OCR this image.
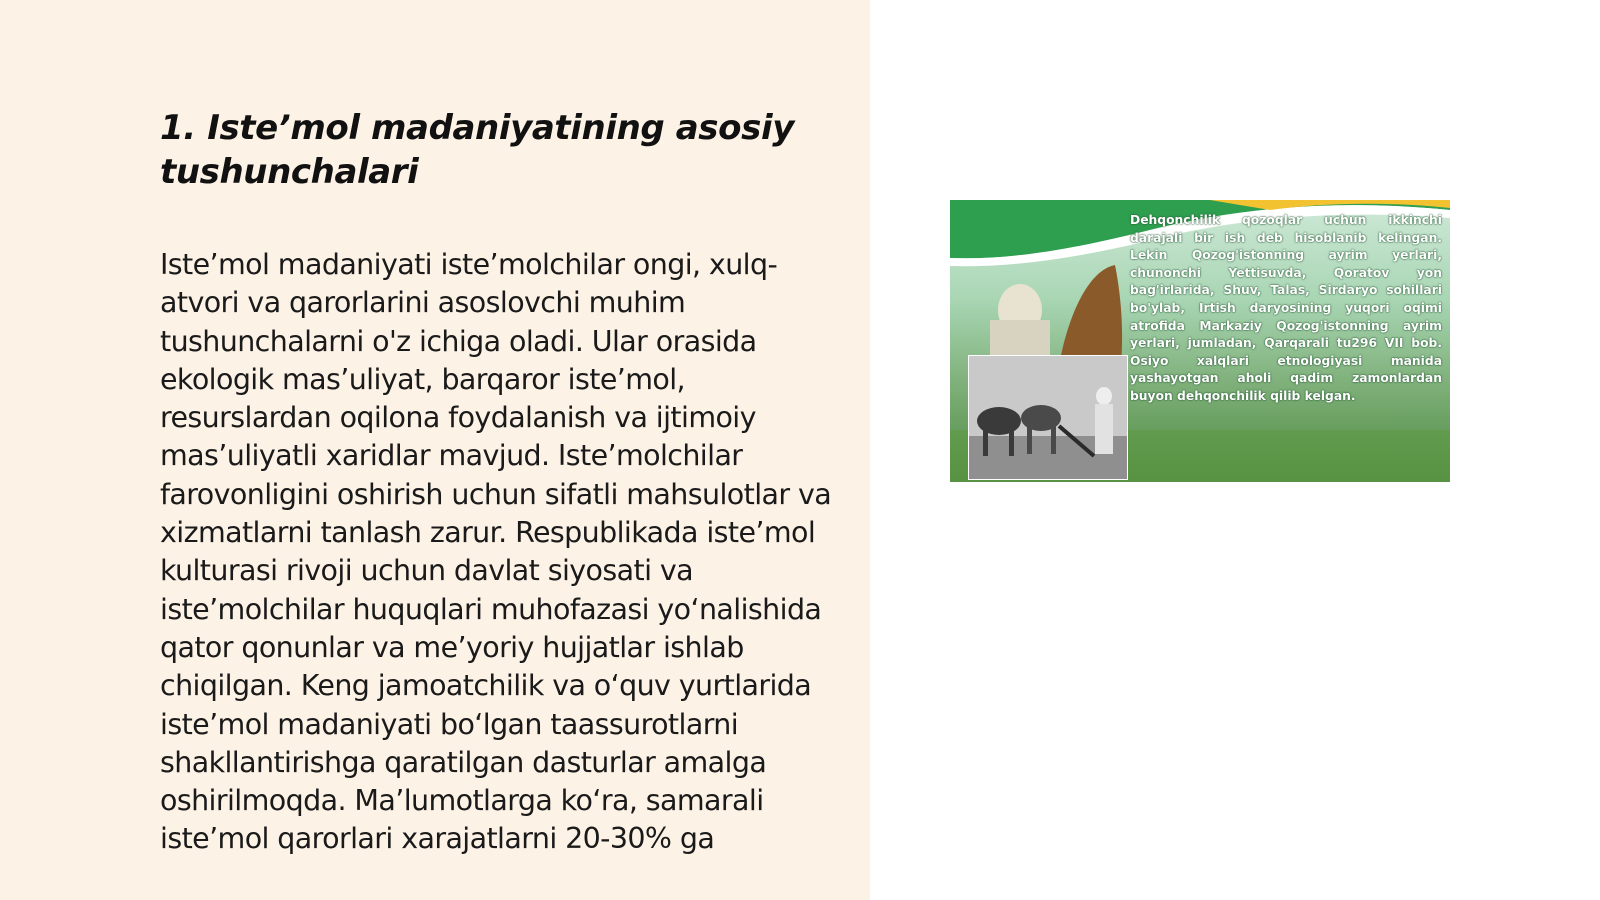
1. Iste’mol madaniyatining asosiy tushunchalari

Iste’mol madaniyati iste’molchilar ongi, xulq-atvori va qarorlarini asoslovchi muhim tushunchalarni o'z ichiga oladi. Ular orasida ekologik mas’uliyat, barqaror iste’mol, resurslardan oqilona foydalanish va ijtimoiy mas’uliyatli xaridlar mavjud. Iste’molchilar farovonligini oshirish uchun sifatli mahsulotlar va xizmatlarni tanlash zarur. Respublikada iste’mol kulturasi rivoji uchun davlat siyosati va iste’molchilar huquqlari muhofazasi yo‘nalishida qator qonunlar va me’yoriy hujjatlar ishlab chiqilgan. Keng jamoatchilik va o‘quv yurtlarida iste’mol madaniyati bo‘lgan taassurotlarni shakllantirishga qaratilgan dasturlar amalga oshirilmoqda. Ma’lumotlarga ko‘ra, samarali iste’mol qarorlari xarajatlarni 20-30% ga

Dehqonchilik qozoqlar uchun ikkinchi darajali bir ish deb hisoblanib kelingan. Lekin Qozog'istonning ayrim yerlari, chunonchi Yettisuvda, Qoratov yon bag'irlarida, Shuv, Talas, Sirdaryo sohillari bo'ylab, Irtish daryosining yuqori oqimi atrofida Markaziy Qozog'istonning ayrim yerlari, jumladan, Qarqarali tu296 VII bob. Osiyo xalqlari etnologiyasi manida yashayotgan aholi qadim zamonlardan buyon dehqonchilik qilib kelgan.
